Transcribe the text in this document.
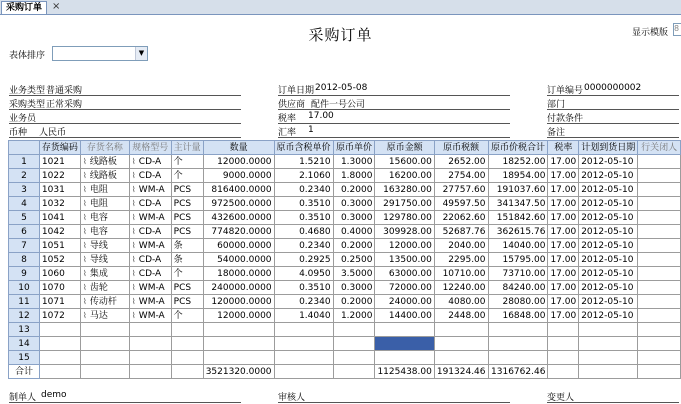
采购订单 ×
采购订单	显示模版 8
表体排序	▼
业务类型 普通采购	订单日期 2012-05-08	订单编号 0000000002
采购类型 正常采购	供应商 配件一号公司	部门
业务员	税率 17.00	付款条件
币种 人民币	汇率 1	备注
	存货编码	存货名称	规格型号	主计量	数量	原币含税单价	原币单价	原币金额	原币税额	原币价税合计	税率	计划到货日期	行关闭人
1	1021	⌇ 线路板	⌇ CD-A	个	12000.0000	1.5210	1.3000	15600.00	2652.00	18252.00	17.00	2012-05-10	
2	1022	⌇ 线路板	⌇ CD-A	个	9000.0000	2.1060	1.8000	16200.00	2754.00	18954.00	17.00	2012-05-10	
3	1031	⌇ 电阻	⌇ WM-A	PCS	816400.0000	0.2340	0.2000	163280.00	27757.60	191037.60	17.00	2012-05-10	
4	1032	⌇ 电阻	⌇ CD-A	PCS	972500.0000	0.3510	0.3000	291750.00	49597.50	341347.50	17.00	2012-05-10	
5	1041	⌇ 电容	⌇ WM-A	PCS	432600.0000	0.3510	0.3000	129780.00	22062.60	151842.60	17.00	2012-05-10	
6	1042	⌇ 电容	⌇ CD-A	PCS	774820.0000	0.4680	0.4000	309928.00	52687.76	362615.76	17.00	2012-05-10	
7	1051	⌇ 导线	⌇ WM-A	条	60000.0000	0.2340	0.2000	12000.00	2040.00	14040.00	17.00	2012-05-10	
8	1052	⌇ 导线	⌇ CD-A	条	54000.0000	0.2925	0.2500	13500.00	2295.00	15795.00	17.00	2012-05-10	
9	1060	⌇ 集成	⌇ CD-A	个	18000.0000	4.0950	3.5000	63000.00	10710.00	73710.00	17.00	2012-05-10	
10	1070	⌇ 齿轮	⌇ WM-A	PCS	240000.0000	0.3510	0.3000	72000.00	12240.00	84240.00	17.00	2012-05-10	
11	1071	⌇ 传动杆	⌇ WM-A	PCS	120000.0000	0.2340	0.2000	24000.00	4080.00	28080.00	17.00	2012-05-10	
12	1072	⌇ 马达	⌇ WM-A	个	12000.0000	1.4040	1.2000	14400.00	2448.00	16848.00	17.00	2012-05-10	
13													
14													
15													
合计					3521320.0000			1125438.00	191324.46	1316762.46			
制单人 demo	审核人	变更人
